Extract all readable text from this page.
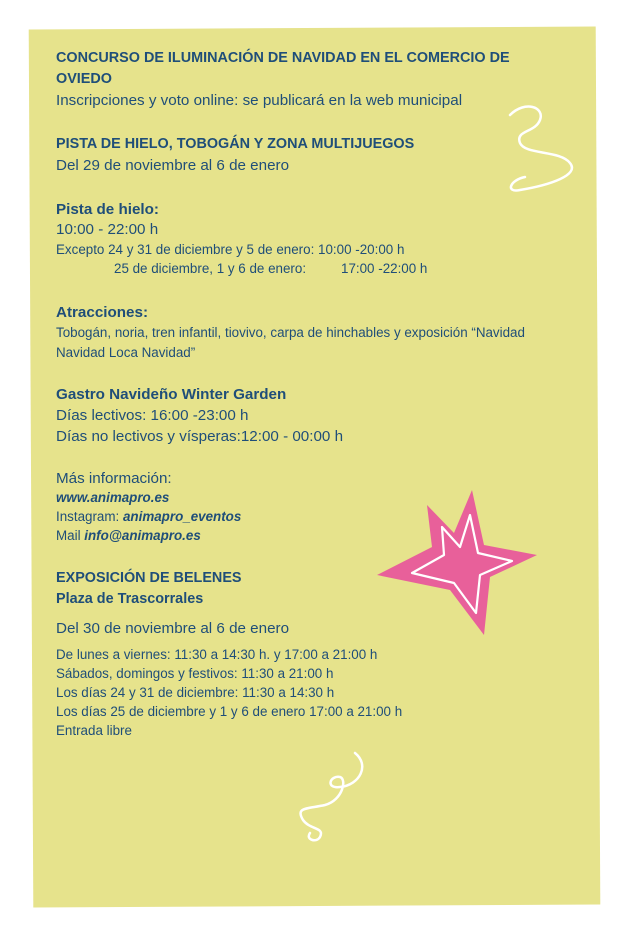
CONCURSO DE ILUMINACIÓN DE NAVIDAD EN EL COMERCIO DE
OVIEDO
Inscripciones y voto online: se publicará en la web municipal
PISTA DE HIELO, TOBOGÁN Y ZONA MULTIJUEGOS
Del 29 de noviembre al 6 de enero
Pista de hielo:
10:00 - 22:00 h
Excepto 24 y 31 de diciembre y 5 de enero: 10:00 -20:00 h
25 de diciembre, 1 y 6 de enero:	17:00 -22:00 h
Atracciones:
Tobogán, noria, tren infantil, tiovivo, carpa de hinchables y exposición “Navidad
Navidad Loca Navidad”
Gastro Navideño Winter Garden
Días lectivos: 16:00 -23:00 h
Días no lectivos y vísperas:12:00 - 00:00 h
Más información:
www.animapro.es
Instagram: animapro_eventos
Mail info@animapro.es
EXPOSICIÓN DE BELENES
Plaza de Trascorrales
Del 30 de noviembre al 6 de enero
De lunes a viernes: 11:30 a 14:30 h. y 17:00 a 21:00 h
Sábados, domingos y festivos: 11:30 a 21:00 h
Los días 24 y 31 de diciembre: 11:30 a 14:30 h
Los días 25 de diciembre y 1 y 6 de enero 17:00 a 21:00 h
Entrada libre
